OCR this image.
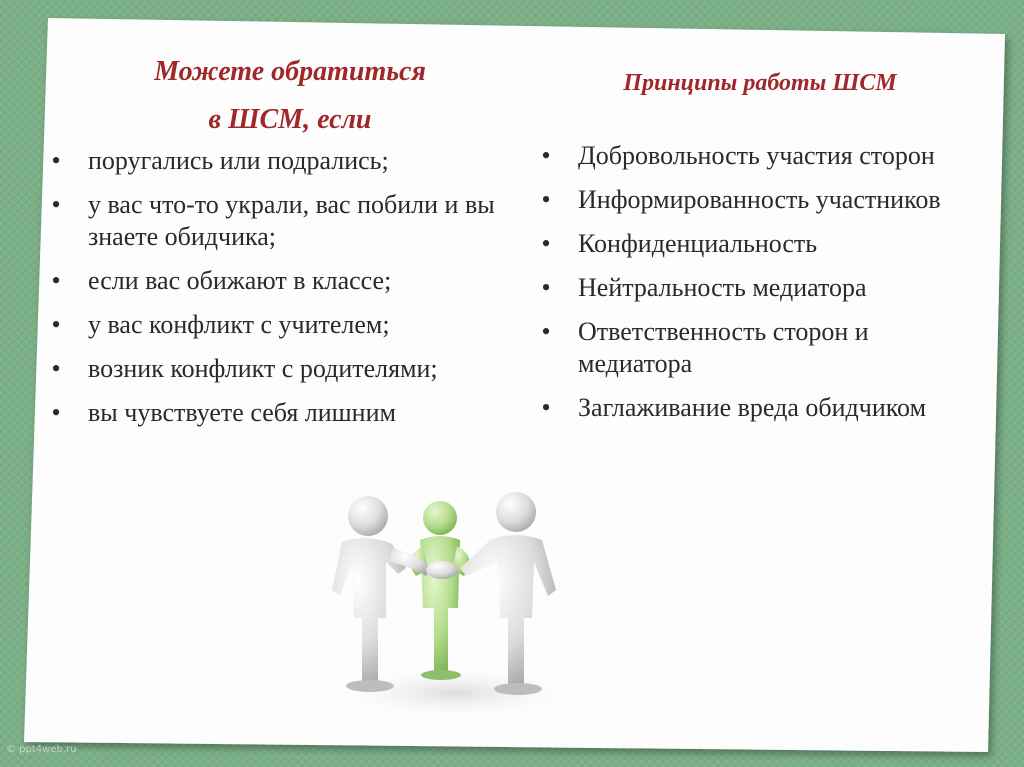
Можете обратиться
в ШСМ, если
Принципы работы ШСМ
• поругались или подрались;
• у вас что-то украли, вас побили и вы знаете обидчика;
• если вас обижают в классе;
• у вас конфликт с учителем;
• возник конфликт с родителями;
• вы чувствуете себя лишним
• Добровольность участия сторон
• Информированность участников
• Конфиденциальность
• Нейтральность медиатора
• Ответственность сторон и медиатора
• Заглаживание вреда обидчиком
© ppt4web.ru
